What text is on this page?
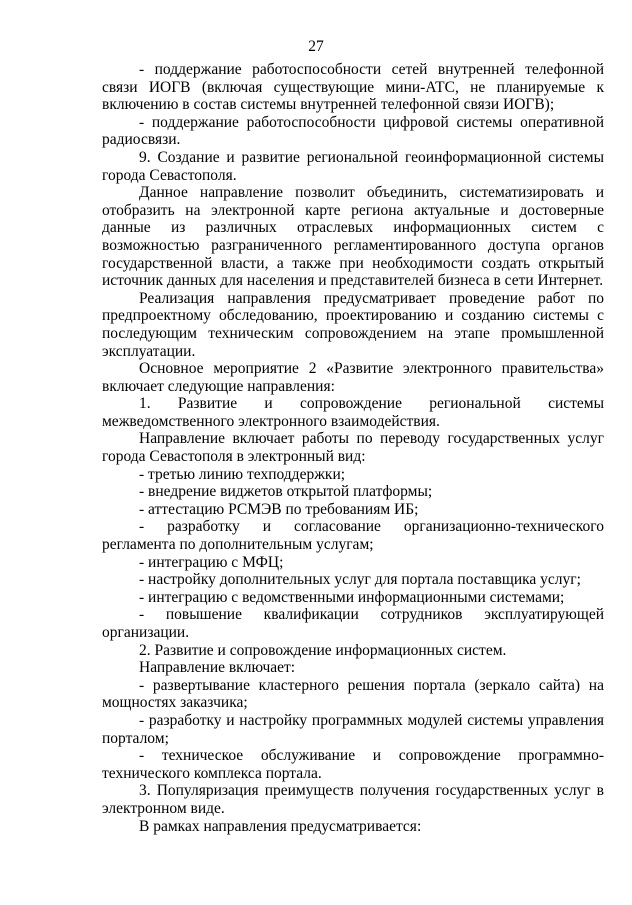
27

- поддержание работоспособности сетей внутренней телефонной связи ИОГВ (включая существующие мини-АТС, не планируемые к включению в состав системы внутренней телефонной связи ИОГВ);

- поддержание работоспособности цифровой системы оперативной радиосвязи.

9. Создание и развитие региональной геоинформационной системы города Севастополя.

Данное направление позволит объединить, систематизировать и отобразить на электронной карте региона актуальные и достоверные данные из различных отраслевых информационных систем с возможностью разграниченного регламентированного доступа органов государственной власти, а также при необходимости создать открытый источник данных для населения и представителей бизнеса в сети Интернет.

Реализация направления предусматривает проведение работ по предпроектному обследованию, проектированию и созданию системы с последующим техническим сопровождением на этапе промышленной эксплуатации.

Основное мероприятие 2 «Развитие электронного правительства» включает следующие направления:

1. Развитие и сопровождение региональной системы межведомственного электронного взаимодействия.

Направление включает работы по переводу государственных услуг города Севастополя в электронный вид:

- третью линию техподдержки;

- внедрение виджетов открытой платформы;

- аттестацию РСМЭВ по требованиям ИБ;

- разработку и согласование организационно-технического регламента по дополнительным услугам;

- интеграцию с МФЦ;

- настройку дополнительных услуг для портала поставщика услуг;

- интеграцию с ведомственными информационными системами;

- повышение квалификации сотрудников эксплуатирующей организации.

2. Развитие и сопровождение информационных систем.

Направление включает:

- развертывание кластерного решения портала (зеркало сайта) на мощностях заказчика;

- разработку и настройку программных модулей системы управления порталом;

- техническое обслуживание и сопровождение программно-технического комплекса портала.

3. Популяризация преимуществ получения государственных услуг в электронном виде.

В рамках направления предусматривается:
